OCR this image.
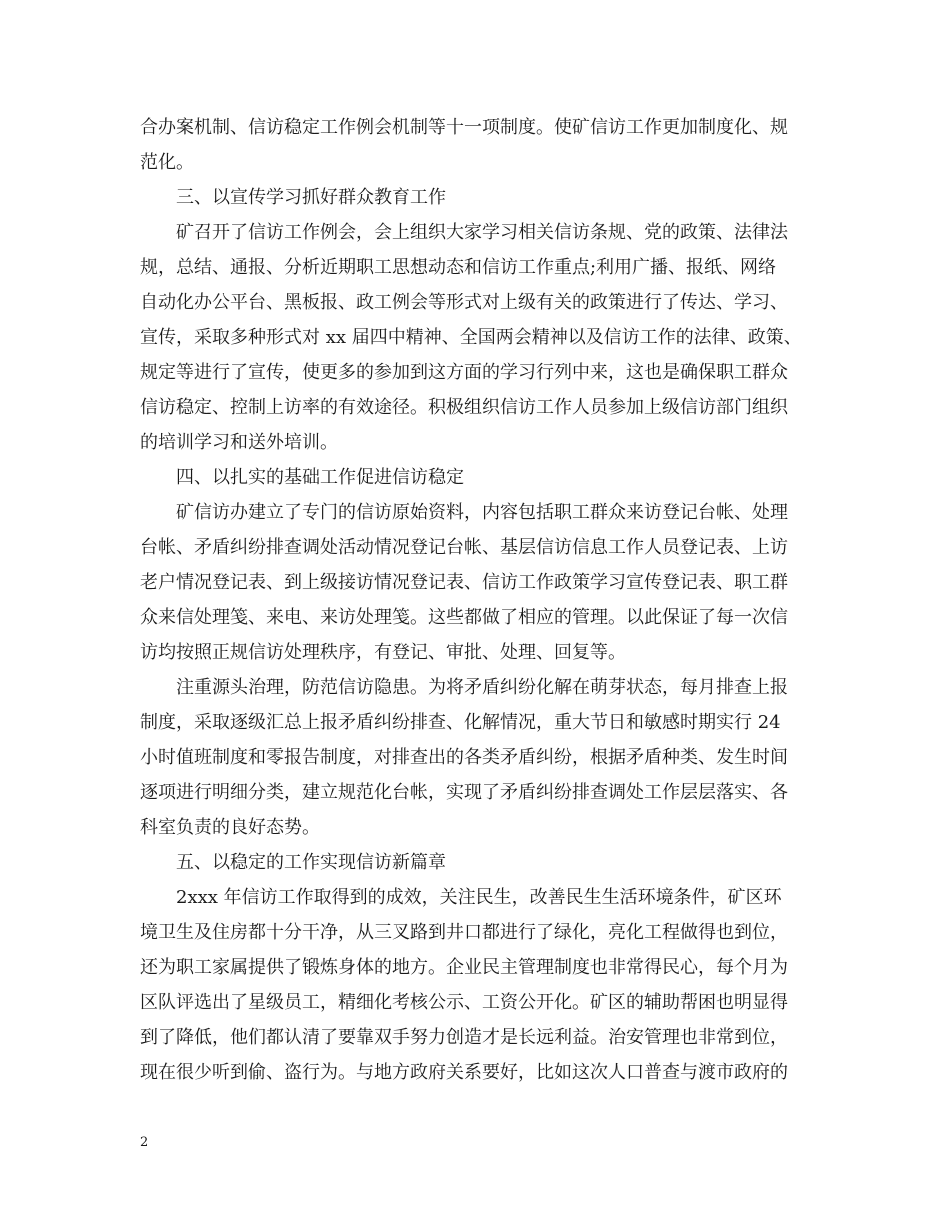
合办案机制、信访稳定工作例会机制等十一项制度。使矿信访工作更加制度化、规

范化。

三、以宣传学习抓好群众教育工作

矿召开了信访工作例会，会上组织大家学习相关信访条规、党的政策、法律法

规，总结、通报、分析近期职工思想动态和信访工作重点;利用广播、报纸、网络

自动化办公平台、黑板报、政工例会等形式对上级有关的政策进行了传达、学习、

宣传，采取多种形式对 xx 届四中精神、全国两会精神以及信访工作的法律、政策、

规定等进行了宣传，使更多的参加到这方面的学习行列中来，这也是确保职工群众

信访稳定、控制上访率的有效途径。积极组织信访工作人员参加上级信访部门组织

的培训学习和送外培训。

四、以扎实的基础工作促进信访稳定

矿信访办建立了专门的信访原始资料，内容包括职工群众来访登记台帐、处理

台帐、矛盾纠纷排查调处活动情况登记台帐、基层信访信息工作人员登记表、上访

老户情况登记表、到上级接访情况登记表、信访工作政策学习宣传登记表、职工群

众来信处理笺、来电、来访处理笺。这些都做了相应的管理。以此保证了每一次信

访均按照正规信访处理秩序，有登记、审批、处理、回复等。

注重源头治理，防范信访隐患。为将矛盾纠纷化解在萌芽状态，每月排查上报

制度，采取逐级汇总上报矛盾纠纷排查、化解情况，重大节日和敏感时期实行 24

小时值班制度和零报告制度，对排查出的各类矛盾纠纷，根据矛盾种类、发生时间

逐项进行明细分类，建立规范化台帐，实现了矛盾纠纷排查调处工作层层落实、各

科室负责的良好态势。

五、以稳定的工作实现信访新篇章

2xxx 年信访工作取得到的成效，关注民生，改善民生生活环境条件，矿区环

境卫生及住房都十分干净，从三叉路到井口都进行了绿化，亮化工程做得也到位，

还为职工家属提供了锻炼身体的地方。企业民主管理制度也非常得民心，每个月为

区队评选出了星级员工，精细化考核公示、工资公开化。矿区的辅助帮困也明显得

到了降低，他们都认清了要靠双手努力创造才是长远利益。治安管理也非常到位，

现在很少听到偷、盗行为。与地方政府关系要好，比如这次人口普查与渡市政府的

2
